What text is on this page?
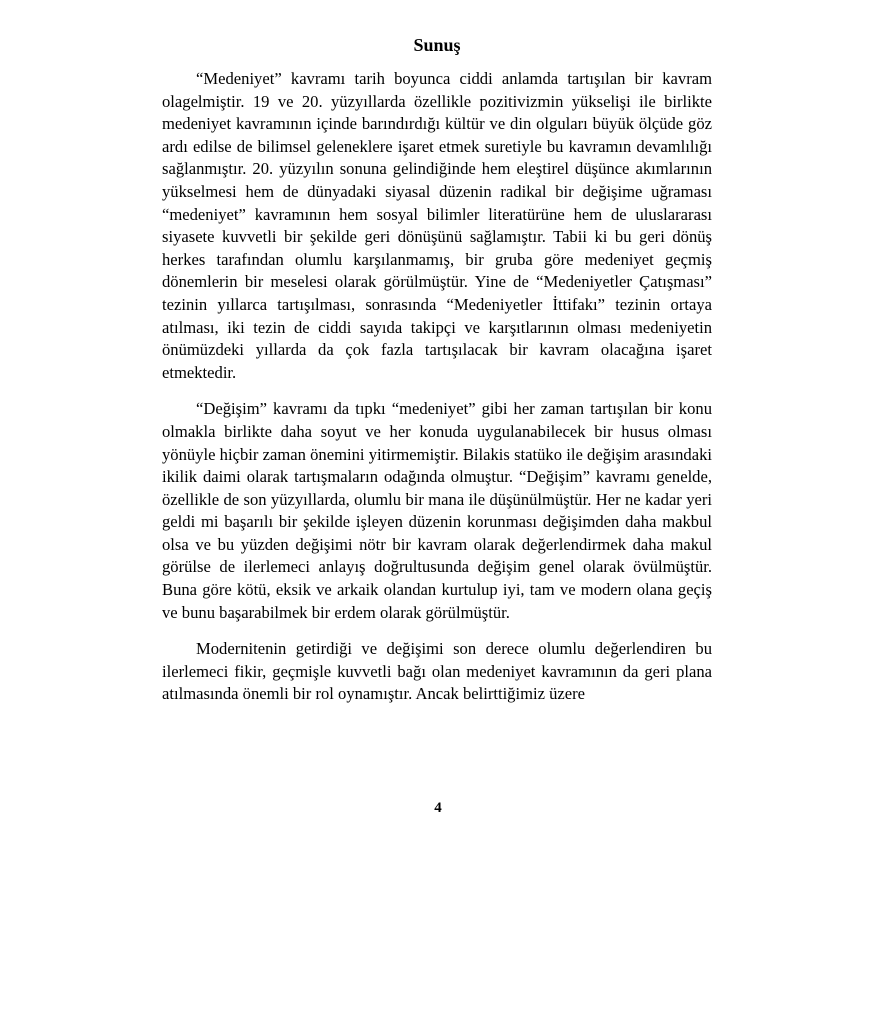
Sunuş

“Medeniyet” kavramı tarih boyunca ciddi anlamda tartışılan bir kavram olagelmiştir. 19 ve 20. yüzyıllarda özellikle pozitivizmin yükselişi ile birlikte medeniyet kavramının içinde barındırdığı kültür ve din olguları büyük ölçüde göz ardı edilse de bilimsel geleneklere işaret etmek suretiyle bu kavramın devamlılığı sağlanmıştır. 20. yüzyılın sonuna gelindiğinde hem eleştirel düşünce akımlarının yükselmesi hem de dünyadaki siyasal düzenin radikal bir değişime uğraması “medeniyet” kavramının hem sosyal bilimler literatürüne hem de uluslararası siyasete kuvvetli bir şekilde geri dönüşünü sağlamıştır. Tabii ki bu geri dönüş herkes tarafından olumlu karşılanmamış, bir gruba göre medeniyet geçmiş dönemlerin bir meselesi olarak görülmüştür. Yine de “Medeniyetler Çatışması” tezinin yıllarca tartışılması, sonrasında “Medeniyetler İttifakı” tezinin ortaya atılması, iki tezin de ciddi sayıda takipçi ve karşıtlarının olması medeniyetin önümüzdeki yıllarda da çok fazla tartışılacak bir kavram olacağına işaret etmektedir.

“Değişim” kavramı da tıpkı “medeniyet” gibi her zaman tartışılan bir konu olmakla birlikte daha soyut ve her konuda uygulanabilecek bir husus olması yönüyle hiçbir zaman önemini yitirmemiştir. Bilakis statüko ile değişim arasındaki ikilik daimi olarak tartışmaların odağında olmuştur. “Değişim” kavramı genelde, özellikle de son yüzyıllarda, olumlu bir mana ile düşünülmüştür. Her ne kadar yeri geldi mi başarılı bir şekilde işleyen düzenin korunması değişimden daha makbul olsa ve bu yüzden değişimi nötr bir kavram olarak değerlendirmek daha makul görülse de ilerlemeci anlayış doğrultusunda değişim genel olarak övülmüştür. Buna göre kötü, eksik ve arkaik olandan kurtulup iyi, tam ve modern olana geçiş ve bunu başarabilmek bir erdem olarak görülmüştür.

Modernitenin getirdiği ve değişimi son derece olumlu değerlendiren bu ilerlemeci fikir, geçmişle kuvvetli bağı olan medeniyet kavramının da geri plana atılmasında önemli bir rol oynamıştır. Ancak belirttiğimiz üzere

4
